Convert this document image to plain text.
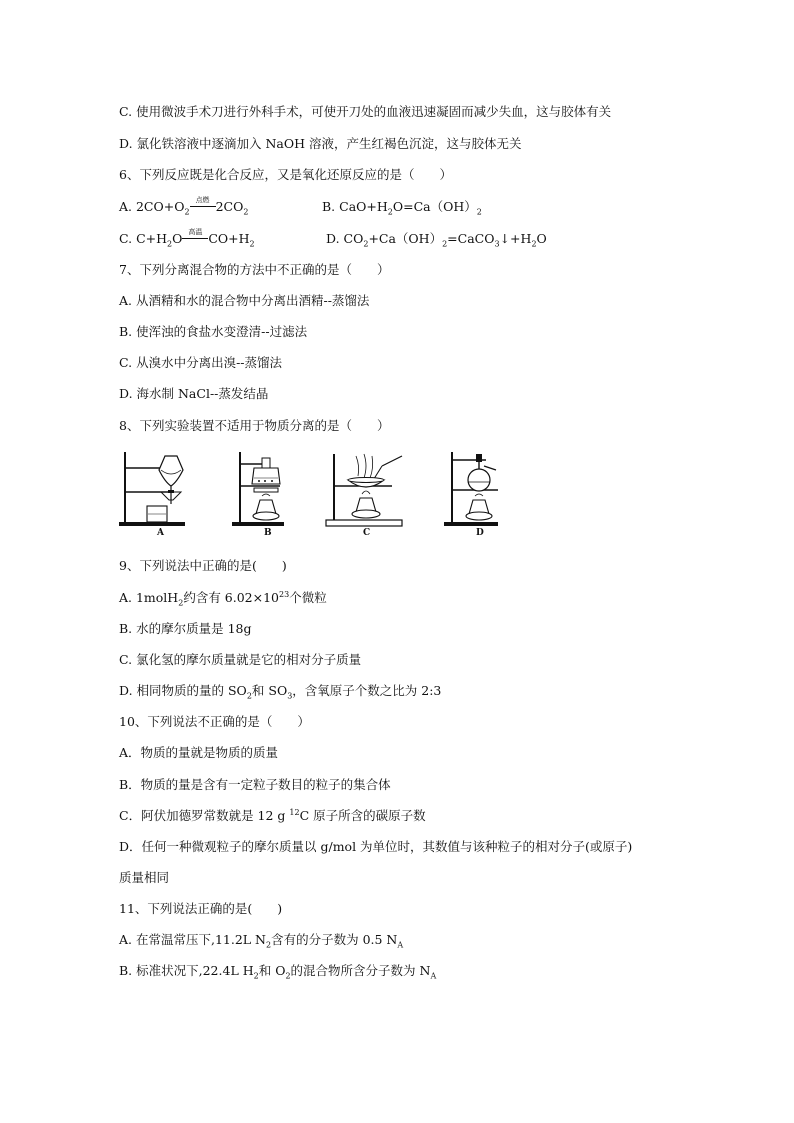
C. 使用微波手术刀进行外科手术，可使开刀处的血液迅速凝固而减少失血，这与胶体有关
D. 氯化铁溶液中逐滴加入 NaOH 溶液，产生红褐色沉淀，这与胶体无关
6、下列反应既是化合反应，又是氧化还原反应的是（　　）
A. $2CO+O_2$
点燃 $2CO_2$	B. $CaO+H_2O=Ca(OH)_2$
C. $C+H_2O$ 高温 $CO+H_2$	D. $CO_2+Ca(OH)_2=CaCO_3↓+H_2O$
7、下列分离混合物的方法中不正确的是（　　）
A. 从酒精和水的混合物中分离出酒精--蒸馏法
B. 使浑浊的食盐水变澄清--过滤法
C. 从溴水中分离出溴--蒸馏法
D. 海水制 NaCl--蒸发结晶
8、下列实验装置不适用于物质分离的是（　　）
A	B	C	D
9、下列说法中正确的是(　　)
A. 1molH$_2$约含有 $6.02\times 10^{23}$个微粒
B. 水的摩尔质量是 18g
C. 氯化氢的摩尔质量就是它的相对分子质量
D. 相同物质的量的 $SO_2$和 $SO_3$，含氧原子个数之比为 2:3
10、下列说法不正确的是（　　）
A．物质的量就是物质的质量
B．物质的量是含有一定粒子数目的粒子的集合体
C．阿伏加德罗常数就是 12 g $^{12}$C 原子所含的碳原子数
D．任何一种微观粒子的摩尔质量以 g/mol 为单位时，其数值与该种粒子的相对分子(或原子)
质量相同
11、下列说法正确的是(　　)
A. 在常温常压下,11.2L $N_2$含有的分子数为 0.5 $N_A$
B. 标准状况下,22.4L $H_2$和 $O_2$的混合物所含分子数为 $N_A$
